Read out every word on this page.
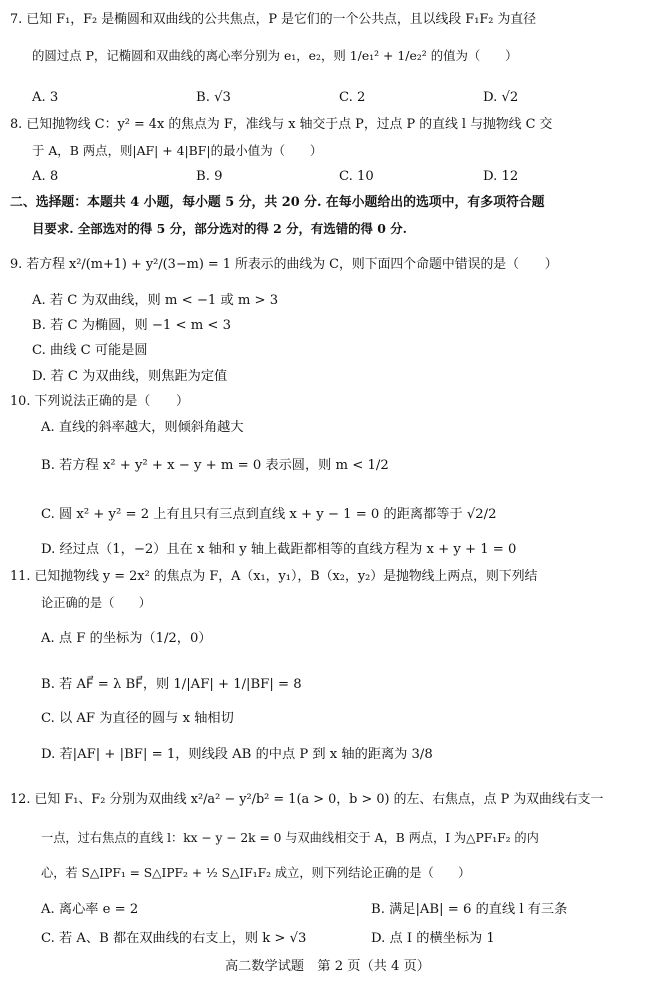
7. 已知 F₁，F₂ 是椭圆和双曲线的公共焦点，P 是它们的一个公共点，且以线段 F₁F₂ 为直径
的圆过点 P，记椭圆和双曲线的离心率分别为 e₁，e₂，则 1/e₁² + 1/e₂² 的值为（　　）
A. 3	B. √3	C. 2	D. √2
8. 已知抛物线 C：y² = 4x 的焦点为 F，准线与 x 轴交于点 P，过点 P 的直线 l 与抛物线 C 交
于 A，B 两点，则|AF| + 4|BF|的最小值为（　　）
A. 8	B. 9	C. 10	D. 12
二、选择题：本题共 4 小题，每小题 5 分，共 20 分. 在每小题给出的选项中，有多项符合题
目要求. 全部选对的得 5 分，部分选对的得 2 分，有选错的得 0 分.
9. 若方程 x²/(m+1) + y²/(3−m) = 1 所表示的曲线为 C，则下面四个命题中错误的是（　　）
A. 若 C 为双曲线，则 m < −1 或 m > 3
B. 若 C 为椭圆，则 −1 < m < 3
C. 曲线 C 可能是圆
D. 若 C 为双曲线，则焦距为定值
10. 下列说法正确的是（　　）
A. 直线的斜率越大，则倾斜角越大
B. 若方程 x² + y² + x − y + m = 0 表示圆，则 m < 1/2
C. 圆 x² + y² = 2 上有且只有三点到直线 x + y − 1 = 0 的距离都等于 √2/2
D. 经过点（1，−2）且在 x 轴和 y 轴上截距都相等的直线方程为 x + y + 1 = 0
11. 已知抛物线 y = 2x² 的焦点为 F，A（x₁，y₁），B（x₂，y₂）是抛物线上两点，则下列结
论正确的是（　　）
A. 点 F 的坐标为（1/2，0）
B. 若 AF⃗ = λ BF⃗，则 1/|AF| + 1/|BF| = 8
C. 以 AF 为直径的圆与 x 轴相切
D. 若|AF| + |BF| = 1，则线段 AB 的中点 P 到 x 轴的距离为 3/8
12. 已知 F₁、F₂ 分别为双曲线 x²/a² − y²/b² = 1(a > 0，b > 0) 的左、右焦点，点 P 为双曲线右支一
一点，过右焦点的直线 l：kx − y − 2k = 0 与双曲线相交于 A，B 两点，I 为△PF₁F₂ 的内
心，若 S△IPF₁ = S△IPF₂ + ½ S△IF₁F₂ 成立，则下列结论正确的是（　　）
A. 离心率 e = 2	B. 满足|AB| = 6 的直线 l 有三条
C. 若 A、B 都在双曲线的右支上，则 k > √3	D. 点 I 的横坐标为 1
高二数学试题　第 2 页（共 4 页）
